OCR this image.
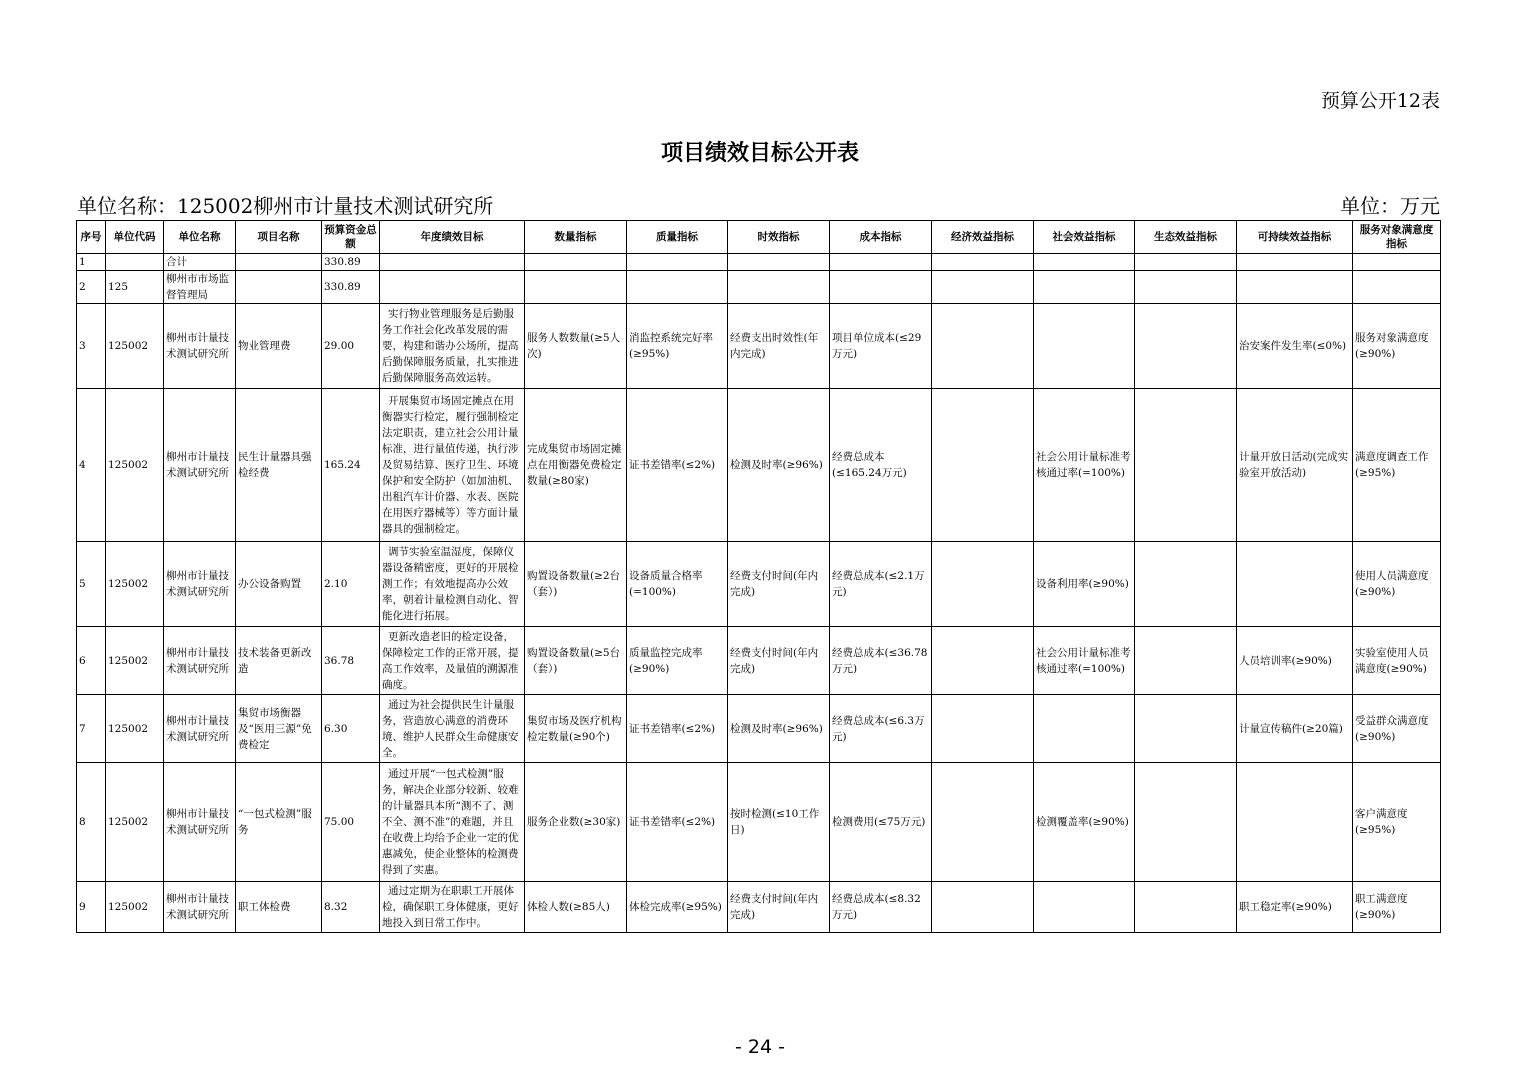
预算公开12表
项目绩效目标公开表
单位名称：125002柳州市计量技术测试研究所	单位：万元
序号	单位代码	单位名称	项目名称	预算资金总额	年度绩效目标	数量指标	质量指标	时效指标	成本指标	经济效益指标	社会效益指标	生态效益指标	可持续效益指标	服务对象满意度指标
1		合计		330.89										
2	125	柳州市市场监督管理局		330.89										
3	125002	柳州市计量技术测试研究所	物业管理费	29.00	实行物业管理服务是后勤服务工作社会化改革发展的需要，构建和谐办公场所，提高后勤保障服务质量，扎实推进后勤保障服务高效运转。	服务人数数量(≥5人次)	消监控系统完好率(≥95%)	经费支出时效性(年内完成)	项目单位成本(≤29万元)				治安案件发生率(≤0%)	服务对象满意度(≥90%)
4	125002	柳州市计量技术测试研究所	民生计量器具强检经费	165.24	开展集贸市场固定摊点在用衡器实行检定，履行强制检定法定职责，建立社会公用计量标准，进行量值传递，执行涉及贸易结算、医疗卫生、环境保护和安全防护（如加油机、出租汽车计价器、水表、医院在用医疗器械等）等方面计量器具的强制检定。	完成集贸市场固定摊点在用衡器免费检定数量(≥80家)	证书差错率(≤2%)	检测及时率(≥96%)	经费总成本(≤165.24万元)		社会公用计量标准考核通过率(=100%)		计量开放日活动(完成实验室开放活动)	满意度调查工作(≥95%)
5	125002	柳州市计量技术测试研究所	办公设备购置	2.10	调节实验室温湿度，保障仪器设备精密度，更好的开展检测工作；有效地提高办公效率，朝着计量检测自动化、智能化进行拓展。	购置设备数量(≥2台（套）)	设备质量合格率(=100%)	经费支付时间(年内完成)	经费总成本(≤2.1万元)		设备利用率(≥90%)			使用人员满意度(≥90%)
6	125002	柳州市计量技术测试研究所	技术装备更新改造	36.78	更新改造老旧的检定设备，保障检定工作的正常开展，提高工作效率，及量值的溯源准确度。	购置设备数量(≥5台（套）)	质量监控完成率(≥90%)	经费支付时间(年内完成)	经费总成本(≤36.78万元)		社会公用计量标准考核通过率(=100%)		人员培训率(≥90%)	实验室使用人员满意度(≥90%)
7	125002	柳州市计量技术测试研究所	集贸市场衡器及“医用三源”免费检定	6.30	通过为社会提供民生计量服务，营造放心满意的消费环境、维护人民群众生命健康安全。	集贸市场及医疗机构检定数量(≥90个)	证书差错率(≤2%)	检测及时率(≥96%)	经费总成本(≤6.3万元)				计量宣传稿件(≥20篇)	受益群众满意度(≥90%)
8	125002	柳州市计量技术测试研究所	“一包式检测”服务	75.00	通过开展“一包式检测”服务，解决企业部分较新、较难的计量器具本所“测不了、测不全、测不准”的难题，并且在收费上均给予企业一定的优惠减免，使企业整体的检测费得到了实惠。	服务企业数(≥30家)	证书差错率(≤2%)	按时检测(≤10工作日)	检测费用(≤75万元)		检测覆盖率(≥90%)			客户满意度(≥95%)
9	125002	柳州市计量技术测试研究所	职工体检费	8.32	通过定期为在职职工开展体检，确保职工身体健康，更好地投入到日常工作中。	体检人数(≥85人)	体检完成率(≥95%)	经费支付时间(年内完成)	经费总成本(≤8.32万元)				职工稳定率(≥90%)	职工满意度(≥90%)
- 24 -
